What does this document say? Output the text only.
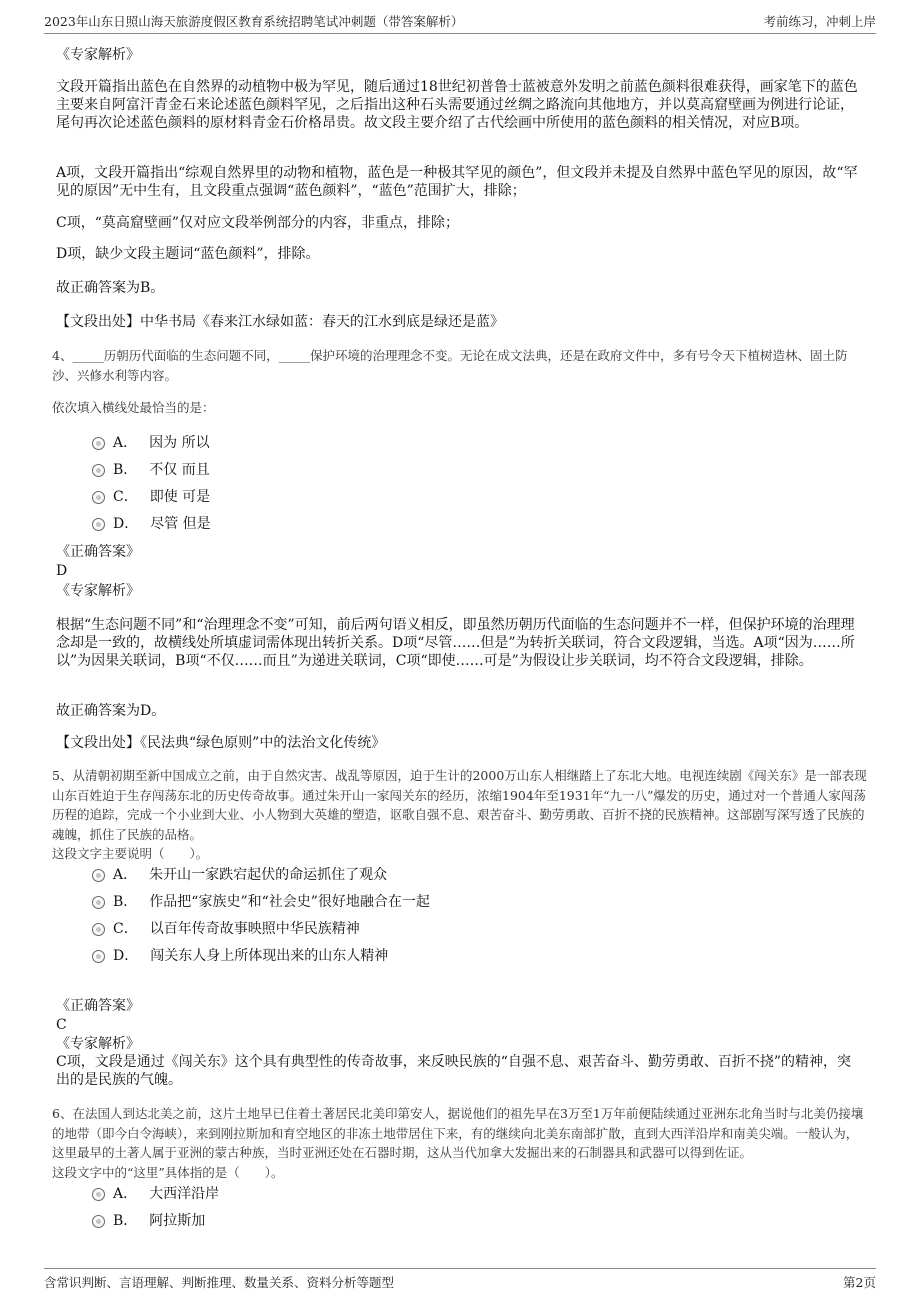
2023年山东日照山海天旅游度假区教育系统招聘笔试冲刺题（带答案解析）	考前练习，冲刺上岸
《专家解析》
文段开篇指出蓝色在自然界的动植物中极为罕见，随后通过18世纪初普鲁士蓝被意外发明之前蓝色颜料很难获得，画家笔下的蓝色主要来自阿富汗青金石来论述蓝色颜料罕见，之后指出这种石头需要通过丝绸之路流向其他地方，并以莫高窟壁画为例进行论证，尾句再次论述蓝色颜料的原材料青金石价格昂贵。故文段主要介绍了古代绘画中所使用的蓝色颜料的相关情况，对应B项。
A项，文段开篇指出“综观自然界里的动物和植物，蓝色是一种极其罕见的颜色”，但文段并未提及自然界中蓝色罕见的原因，故“罕见的原因”无中生有，且文段重点强调“蓝色颜料”，“蓝色”范围扩大，排除；
C项，“莫高窟壁画”仅对应文段举例部分的内容，非重点，排除；
D项，缺少文段主题词“蓝色颜料”，排除。
故正确答案为B。
【文段出处】中华书局《春来江水绿如蓝：春天的江水到底是绿还是蓝》
4、_____历朝历代面临的生态问题不同，_____保护环境的治理理念不变。无论在成文法典，还是在政府文件中，多有号令天下植树造林、固土防沙、兴修水利等内容。
依次填入横线处最恰当的是：
A． 因为 所以
B． 不仅 而且
C． 即使 可是
D． 尽管 但是
《正确答案》
D
《专家解析》
根据“生态问题不同”和“治理理念不变”可知，前后两句语义相反，即虽然历朝历代面临的生态问题并不一样，但保护环境的治理理念却是一致的，故横线处所填虚词需体现出转折关系。D项“尽管……但是”为转折关联词，符合文段逻辑，当选。A项“因为……所以”为因果关联词，B项“不仅……而且”为递进关联词，C项“即使……可是”为假设让步关联词，均不符合文段逻辑，排除。
故正确答案为D。
【文段出处】《民法典“绿色原则”中的法治文化传统》
5、从清朝初期至新中国成立之前，由于自然灾害、战乱等原因，迫于生计的2000万山东人相继踏上了东北大地。电视连续剧《闯关东》是一部表现山东百姓迫于生存闯荡东北的历史传奇故事。通过朱开山一家闯关东的经历，浓缩1904年至1931年“九一八”爆发的历史，通过对一个普通人家闯荡历程的追踪，完成一个小业到大业、小人物到大英雄的塑造，讴歌自强不息、艰苦奋斗、勤劳勇敢、百折不挠的民族精神。这部剧写深写透了民族的魂魄，抓住了民族的品格。
这段文字主要说明（　　）。
A． 朱开山一家跌宕起伏的命运抓住了观众
B． 作品把“家族史”和“社会史”很好地融合在一起
C． 以百年传奇故事映照中华民族精神
D． 闯关东人身上所体现出来的山东人精神
《正确答案》
C
《专家解析》
C项，文段是通过《闯关东》这个具有典型性的传奇故事，来反映民族的“自强不息、艰苦奋斗、勤劳勇敢、百折不挠”的精神，突出的是民族的气魄。
6、在法国人到达北美之前，这片土地早已住着土著居民北美印第安人，据说他们的祖先早在3万至1万年前便陆续通过亚洲东北角当时与北美仍接壤的地带（即今白令海峡），来到刚拉斯加和育空地区的非冻土地带居住下来，有的继续向北美东南部扩散，直到大西洋沿岸和南美尖端。一般认为，这里最早的土著人属于亚洲的蒙古种族，当时亚洲还处在石器时期，这从当代加拿大发掘出来的石制器具和武器可以得到佐证。
这段文字中的“这里”具体指的是（　　）。
A． 大西洋沿岸
B． 阿拉斯加
含常识判断、言语理解、判断推理、数量关系、资料分析等题型	第2页
